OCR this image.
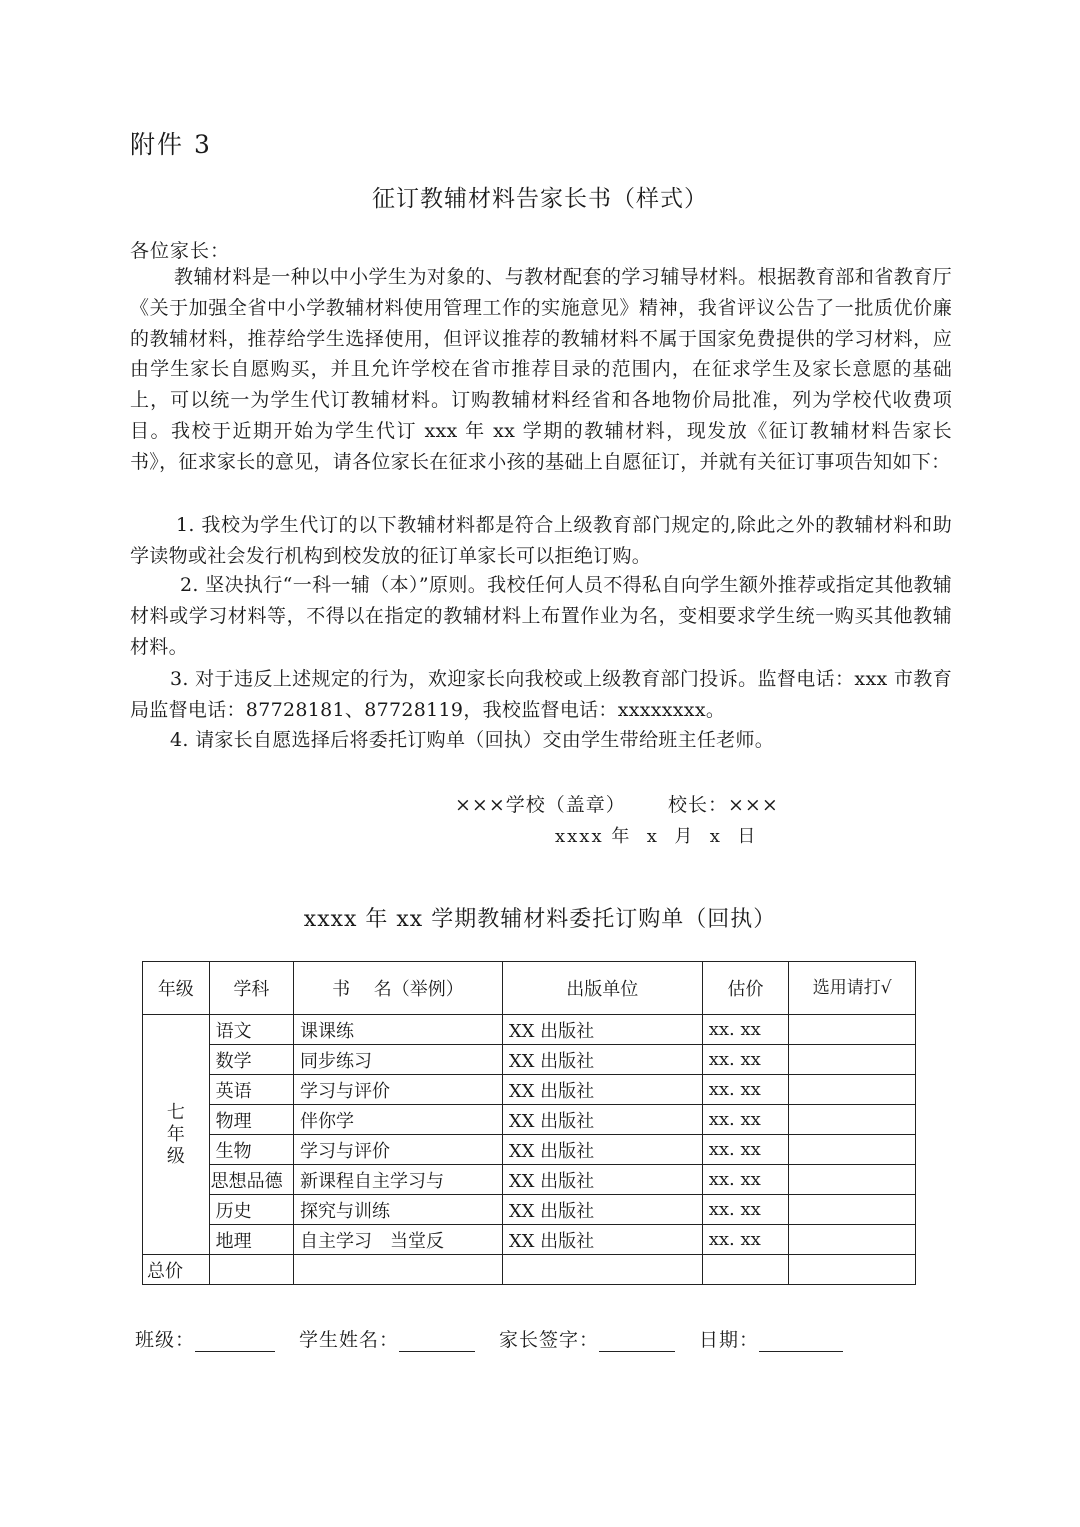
附件 3
征订教辅材料告家长书（样式）
各位家长：
教辅材料是一种以中小学生为对象的、与教材配套的学习辅导材料。根据教育部和省教育厅《关于加强全省中小学教辅材料使用管理工作的实施意见》精神，我省评议公告了一批质优价廉的教辅材料，推荐给学生选择使用，但评议推荐的教辅材料不属于国家免费提供的学习材料，应由学生家长自愿购买，并且允许学校在省市推荐目录的范围内，在征求学生及家长意愿的基础上，可以统一为学生代订教辅材料。订购教辅材料经省和各地物价局批准，列为学校代收费项目。我校于近期开始为学生代订 xxx 年 xx 学期的教辅材料，现发放《征订教辅材料告家长书》，征求家长的意见，请各位家长在征求小孩的基础上自愿征订，并就有关征订事项告知如下：
1. 我校为学生代订的以下教辅材料都是符合上级教育部门规定的,除此之外的教辅材料和助学读物或社会发行机构到校发放的征订单家长可以拒绝订购。
2. 坚决执行“一科一辅（本）”原则。我校任何人员不得私自向学生额外推荐或指定其他教辅材料或学习材料等，不得以在指定的教辅材料上布置作业为名，变相要求学生统一购买其他教辅材料。
3. 对于违反上述规定的行为，欢迎家长向我校或上级教育部门投诉。监督电话：xxx 市教育局监督电话：87728181、87728119，我校监督电话：xxxxxxxx。
4. 请家长自愿选择后将委托订购单（回执）交由学生带给班主任老师。
×××学校（盖章）      校长：×××
xxxx 年  x  月  x  日
xxxx 年 xx 学期教辅材料委托订购单（回执）
年级	学科	书　 名（举例）	出版单位	估价	选用请打√

七年级	语文	课课练	XX 出版社	xx. xx	
	数学	同步练习	XX 出版社	xx. xx	
	英语	学习与评价	XX 出版社	xx. xx	
	物理	伴你学	XX 出版社	xx. xx	
	生物	学习与评价	XX 出版社	xx. xx	
	思想品德	新课程自主学习与	XX 出版社	xx. xx	
	历史	探究与训练	XX 出版社	xx. xx	
	地理	自主学习　当堂反	XX 出版社	xx. xx	
总价					
班级：	学生姓名：	家长签字：	日期：
